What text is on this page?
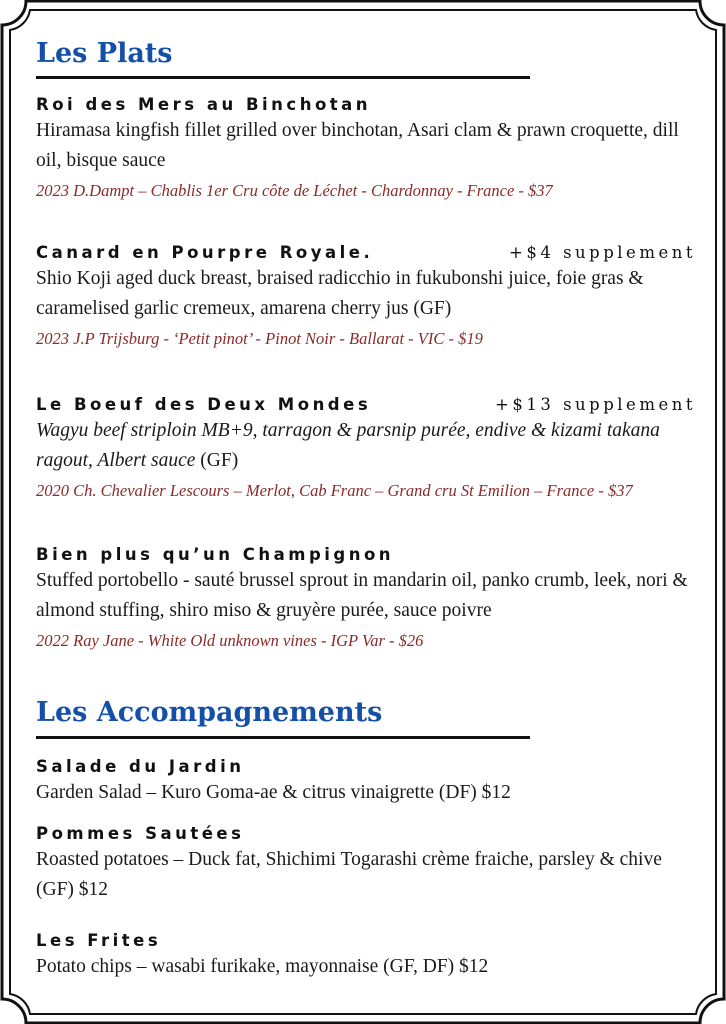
Les Plats
Roi des Mers au Binchotan
Hiramasa kingfish fillet grilled over binchotan, Asari clam & prawn croquette, dill oil, bisque sauce
2023 D.Dampt – Chablis 1er Cru côte de Léchet - Chardonnay - France - $37
Canard en Pourpre Royale.	+$4 supplement
Shio Koji aged duck breast, braised radicchio in fukubonshi juice, foie gras & caramelised garlic cremeux, amarena cherry jus (GF)
2023 J.P Trijsburg - ‘Petit pinot’ - Pinot Noir - Ballarat - VIC - $19
Le Boeuf des Deux Mondes	+$13 supplement
Wagyu beef striploin MB+9, tarragon & parsnip purée, endive & kizami takana ragout, Albert sauce (GF)
2020 Ch. Chevalier Lescours – Merlot, Cab Franc – Grand cru St Emilion – France - $37
Bien plus qu’un Champignon
Stuffed portobello - sauté brussel sprout in mandarin oil, panko crumb, leek, nori & almond stuffing, shiro miso & gruyère purée, sauce poivre
2022 Ray Jane - White Old unknown vines - IGP Var - $26
Les Accompagnements
Salade du Jardin
Garden Salad – Kuro Goma-ae & citrus vinaigrette (DF) $12
Pommes Sautées
Roasted potatoes – Duck fat, Shichimi Togarashi crème fraiche, parsley & chive (GF) $12
Les Frites
Potato chips – wasabi furikake, mayonnaise (GF, DF) $12
